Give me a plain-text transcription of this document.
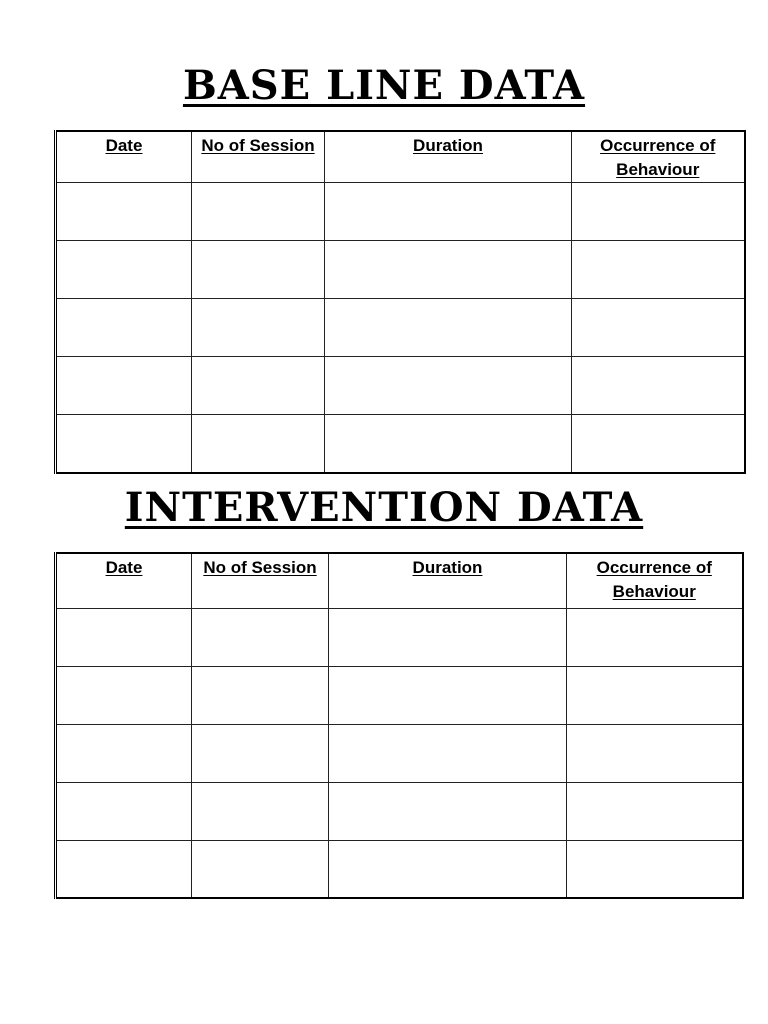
BASE LINE DATA
Date	No of Session	Duration	Occurrence of Behaviour

INTERVENTION DATA
Date	No of Session	Duration	Occurrence of Behaviour
